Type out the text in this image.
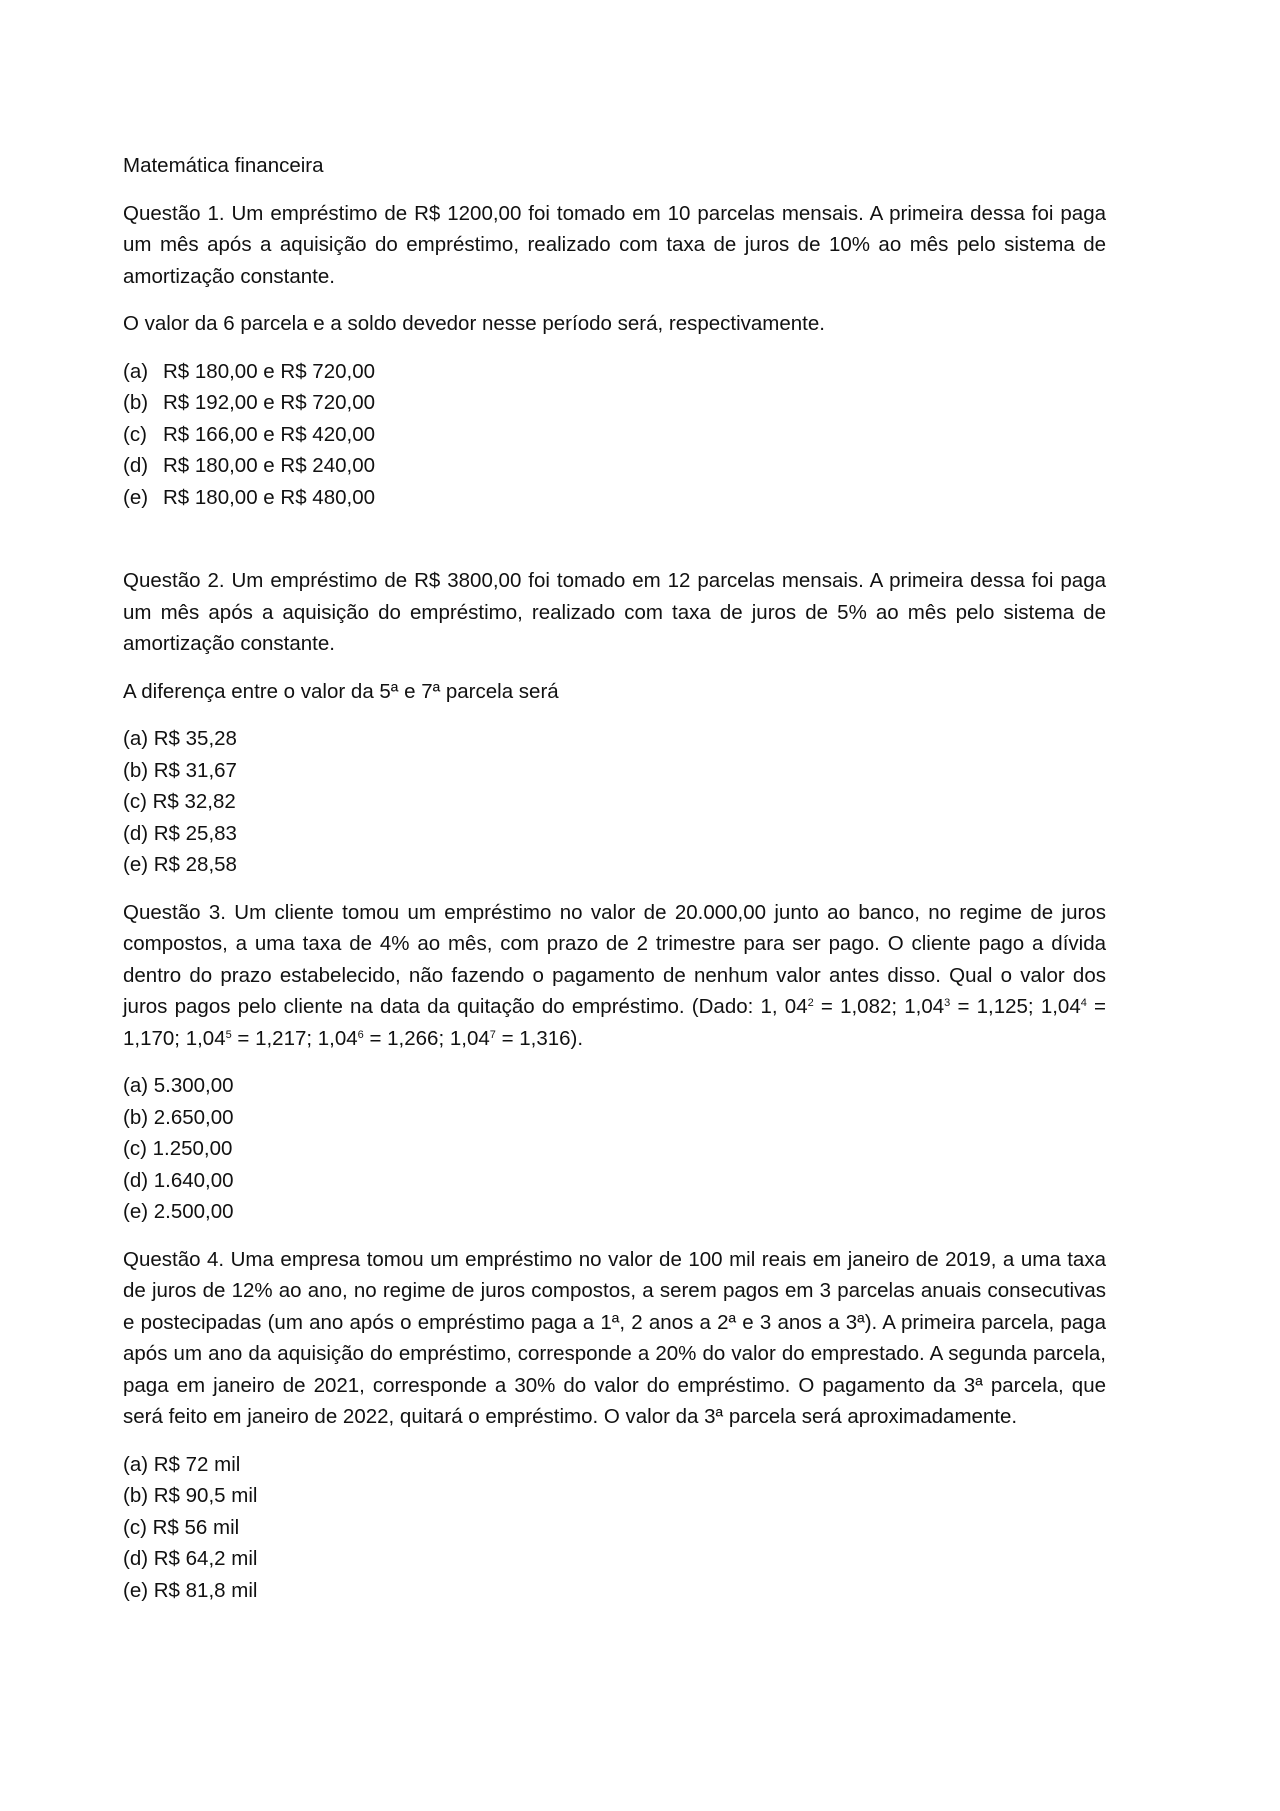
Matemática financeira

Questão 1. Um empréstimo de R$ 1200,00 foi tomado em 10 parcelas mensais. A primeira dessa foi paga um mês após a aquisição do empréstimo, realizado com taxa de juros de 10% ao mês pelo sistema de amortização constante.

O valor da 6 parcela e a soldo devedor nesse período será, respectivamente.

(a) R$ 180,00 e R$ 720,00
(b) R$ 192,00 e R$ 720,00
(c) R$ 166,00 e R$ 420,00
(d) R$ 180,00 e R$ 240,00
(e) R$ 180,00 e R$ 480,00

Questão 2. Um empréstimo de R$ 3800,00 foi tomado em 12 parcelas mensais. A primeira dessa foi paga um mês após a aquisição do empréstimo, realizado com taxa de juros de 5% ao mês pelo sistema de amortização constante.

A diferença entre o valor da 5ª e 7ª parcela será

(a) R$ 35,28
(b) R$ 31,67
(c) R$ 32,82
(d) R$ 25,83
(e) R$ 28,58

Questão 3. Um cliente tomou um empréstimo no valor de 20.000,00 junto ao banco, no regime de juros compostos, a uma taxa de 4% ao mês, com prazo de 2 trimestre para ser pago. O cliente pago a dívida dentro do prazo estabelecido, não fazendo o pagamento de nenhum valor antes disso. Qual o valor dos juros pagos pelo cliente na data da quitação do empréstimo. (Dado: 1, $04^2 = 1,082$; $1,04^3 = 1,125$; $1,04^4 = 1,170$; $1,04^5 = 1,217$; $1,04^6 = 1,266$; $1,04^7 = 1,316$).

(a) 5.300,00
(b) 2.650,00
(c) 1.250,00
(d) 1.640,00
(e) 2.500,00

Questão 4. Uma empresa tomou um empréstimo no valor de 100 mil reais em janeiro de 2019, a uma taxa de juros de 12% ao ano, no regime de juros compostos, a serem pagos em 3 parcelas anuais consecutivas e postecipadas (um ano após o empréstimo paga a 1ª, 2 anos a 2ª e 3 anos a 3ª). A primeira parcela, paga após um ano da aquisição do empréstimo, corresponde a 20% do valor do emprestado. A segunda parcela, paga em janeiro de 2021, corresponde a 30% do valor do empréstimo. O pagamento da 3ª parcela, que será feito em janeiro de 2022, quitará o empréstimo. O valor da 3ª parcela será aproximadamente.

(a) R$ 72 mil
(b) R$ 90,5 mil
(c) R$ 56 mil
(d) R$ 64,2 mil
(e) R$ 81,8 mil
